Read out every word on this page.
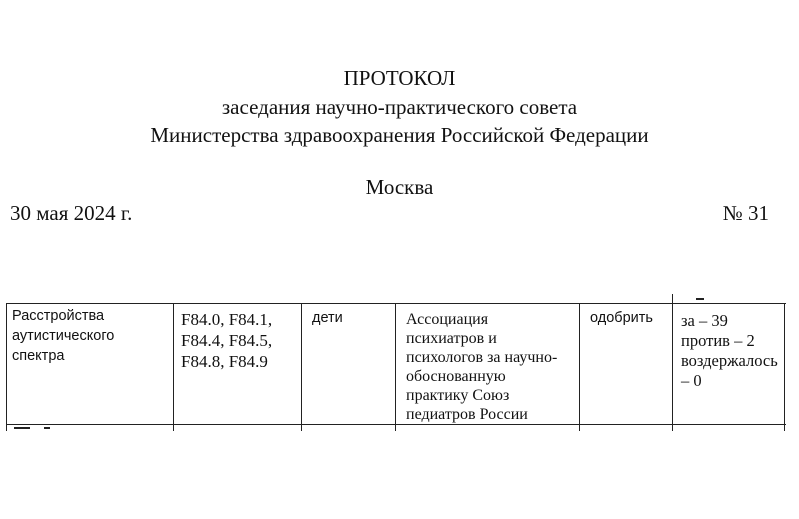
ПРОТОКОЛ
заседания научно-практического совета
Министерства здравоохранения Российской Федерации
Москва
30 мая 2024 г.	№ 31
Расстройства
аутистического
спектра
F84.0, F84.1,
F84.4, F84.5,
F84.8, F84.9
дети	Ассоциация
психиатров и
психологов за научно-
обоснованную
практику Союз
педиатров России
одобрить за – 39
против – 2
воздержалось
– 0
